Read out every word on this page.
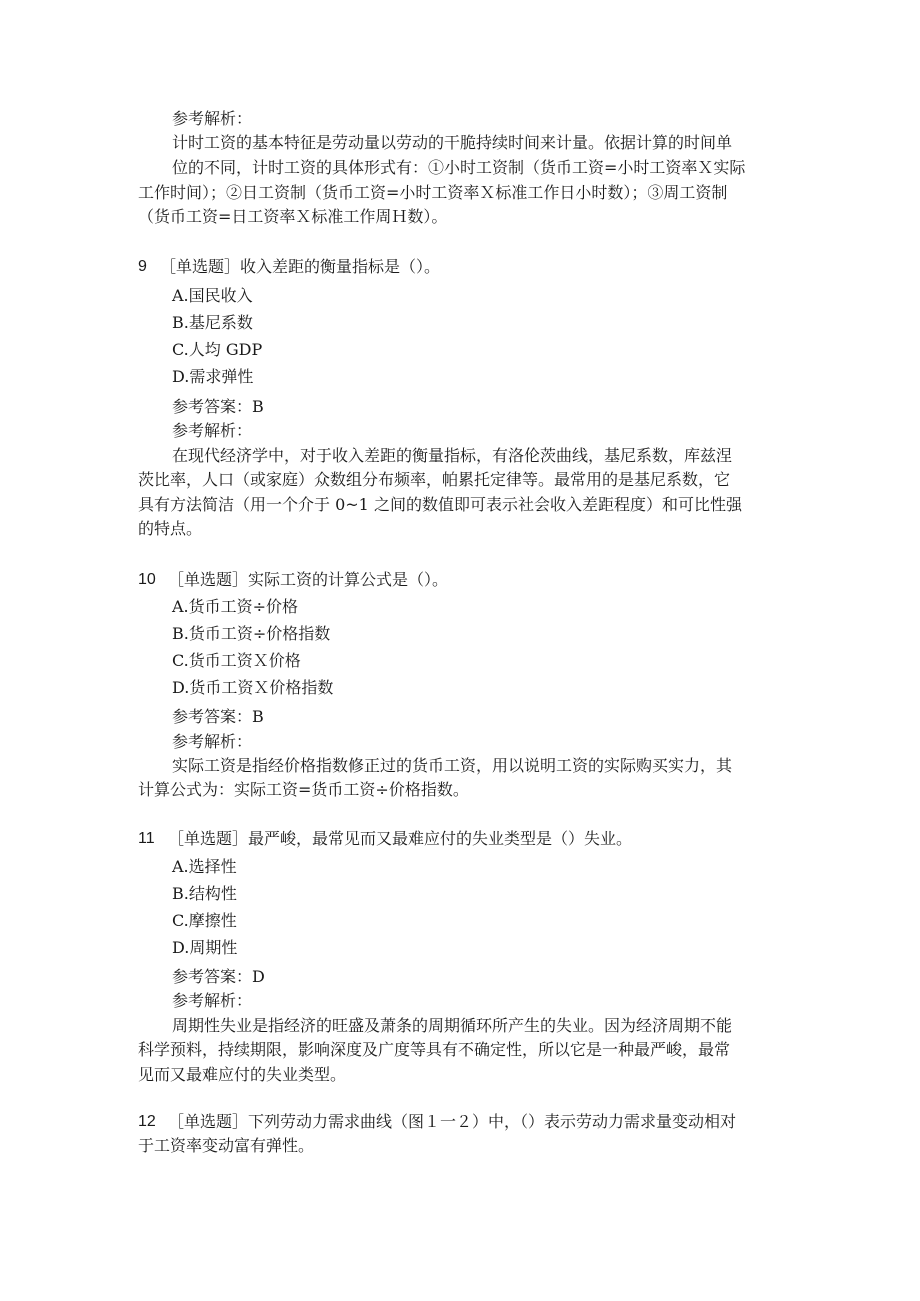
参考解析：
计时工资的基本特征是劳动量以劳动的干脆持续时间来计量。依据计算的时间单
位的不同，计时工资的具体形式有：①小时工资制（货币工资=小时工资率Ｘ实际
工作时间）；②日工资制（货币工资=小时工资率Ｘ标准工作日小时数）；③周工资制
（货币工资=日工资率Ｘ标准工作周Ｈ数）。
9 ［单选题］收入差距的衡量指标是（）。
A.国民收入
B.基尼系数
C.人均 GDP
D.需求弹性
参考答案：B
参考解析：
在现代经济学中，对于收入差距的衡量指标，有洛伦茨曲线，基尼系数，库兹涅
茨比率，人口（或家庭）众数组分布频率，帕累托定律等。最常用的是基尼系数，它
具有方法简洁（用一个介于 0~1 之间的数值即可表示社会收入差距程度）和可比性强
的特点。
10 ［单选题］实际工资的计算公式是（）。
A.货币工资÷价格
B.货币工资÷价格指数
C.货币工资Ｘ价格
D.货币工资Ｘ价格指数
参考答案：B
参考解析：
实际工资是指经价格指数修正过的货币工资，用以说明工资的实际购买实力，其
计算公式为：实际工资=货币工资÷价格指数。
11 ［单选题］最严峻，最常见而又最难应付的失业类型是（）失业。
A.选择性
B.结构性
C.摩擦性
D.周期性
参考答案：D
参考解析：
周期性失业是指经济的旺盛及萧条的周期循环所产生的失业。因为经济周期不能
科学预料，持续期限，影响深度及广度等具有不确定性，所以它是一种最严峻，最常
见而又最难应付的失业类型。
12 ［单选题］下列劳动力需求曲线（图１一２）中，（）表示劳动力需求量变动相对
于工资率变动富有弹性。
